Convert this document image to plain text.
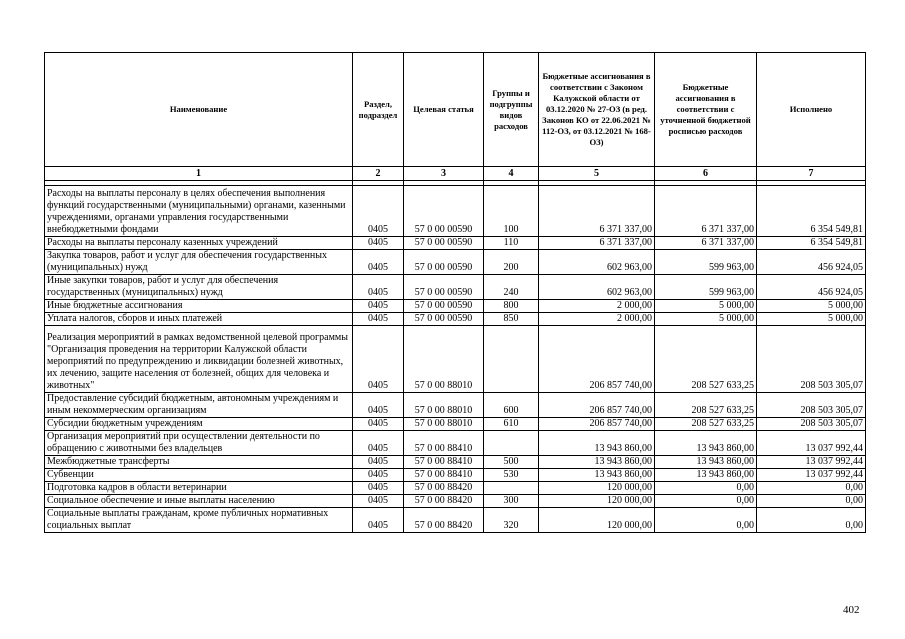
Наименование	Раздел, подраздел	Целевая статья	Группы и подгруппы видов расходов	Бюджетные ассигнования в соответствии с Законом Калужской области от 03.12.2020 № 27-ОЗ (в ред. Законов КО от 22.06.2021 № 112-ОЗ, от 03.12.2021 № 168-ОЗ)	Бюджетные ассигнования в соответствии с уточненной бюджетной росписью расходов	Исполнено
1	2	3	4	5	6	7

Расходы на выплаты персоналу в целях обеспечения выполнения функций государственными (муниципальными) органами, казенными учреждениями, органами управления государственными внебюджетными фондами	0405	57 0 00 00590	100	6 371 337,00	6 371 337,00	6 354 549,81
Расходы на выплаты персоналу казенных учреждений	0405	57 0 00 00590	110	6 371 337,00	6 371 337,00	6 354 549,81
Закупка товаров, работ и услуг для обеспечения государственных (муниципальных) нужд	0405	57 0 00 00590	200	602 963,00	599 963,00	456 924,05
Иные закупки товаров, работ и услуг для обеспечения государственных (муниципальных) нужд	0405	57 0 00 00590	240	602 963,00	599 963,00	456 924,05
Иные бюджетные ассигнования	0405	57 0 00 00590	800	2 000,00	5 000,00	5 000,00
Уплата налогов, сборов и иных платежей	0405	57 0 00 00590	850	2 000,00	5 000,00	5 000,00
Реализация мероприятий в рамках ведомственной целевой программы "Организация проведения на территории Калужской области мероприятий по предупреждению и ликвидации болезней животных, их лечению, защите населения от болезней, общих для человека и животных"	0405	57 0 00 88010		206 857 740,00	208 527 633,25	208 503 305,07
Предоставление субсидий бюджетным, автономным учреждениям и иным некоммерческим организациям	0405	57 0 00 88010	600	206 857 740,00	208 527 633,25	208 503 305,07
Субсидии бюджетным учреждениям	0405	57 0 00 88010	610	206 857 740,00	208 527 633,25	208 503 305,07
Организация мероприятий при осуществлении деятельности по обращению с животными без владельцев	0405	57 0 00 88410		13 943 860,00	13 943 860,00	13 037 992,44
Межбюджетные трансферты	0405	57 0 00 88410	500	13 943 860,00	13 943 860,00	13 037 992,44
Субвенции	0405	57 0 00 88410	530	13 943 860,00	13 943 860,00	13 037 992,44
Подготовка кадров в области ветеринарии	0405	57 0 00 88420		120 000,00	0,00	0,00
Социальное обеспечение и иные выплаты населению	0405	57 0 00 88420	300	120 000,00	0,00	0,00
Социальные выплаты гражданам, кроме публичных нормативных социальных выплат	0405	57 0 00 88420	320	120 000,00	0,00	0,00
402
